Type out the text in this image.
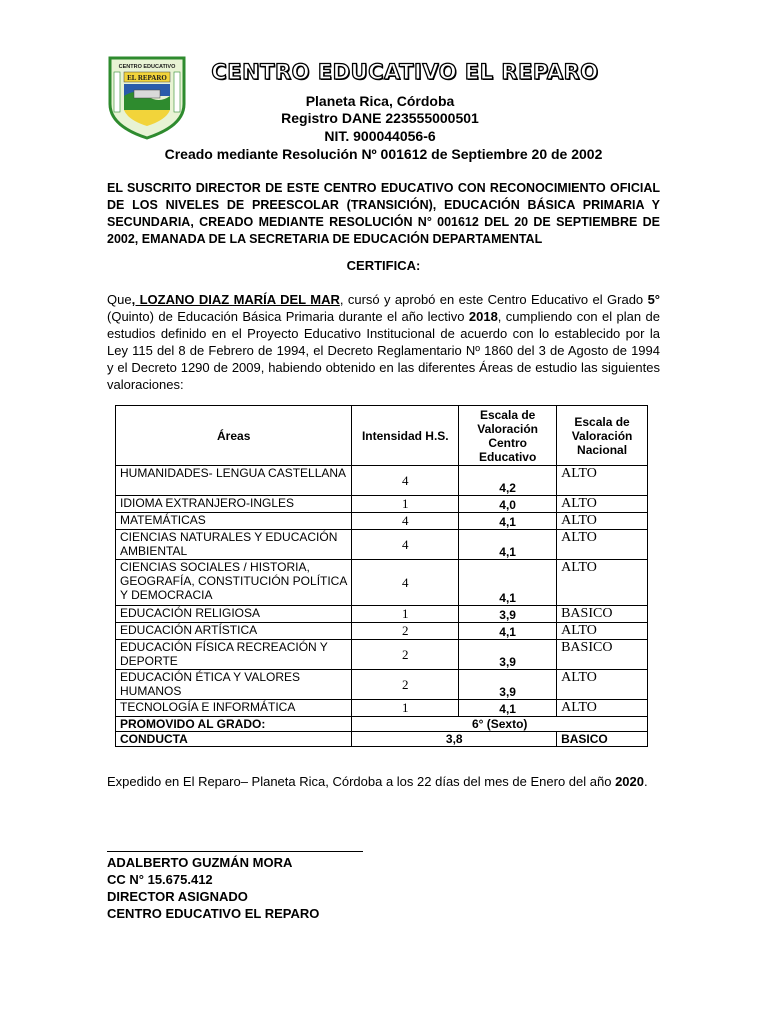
CENTRO EDUCATIVO
EL REPARO	CENTRO EDUCATIVO EL REPARO
Planeta Rica, Córdoba
Registro DANE 223555000501
NIT. 900044056-6
Creado mediante Resolución Nº 001612 de Septiembre 20 de 2002
EL SUSCRITO DIRECTOR DE ESTE CENTRO EDUCATIVO CON RECONOCIMIENTO OFICIAL DE LOS NIVELES DE PREESCOLAR (TRANSICIÓN), EDUCACIÓN BÁSICA PRIMARIA Y SECUNDARIA, CREADO MEDIANTE RESOLUCIÓN N° 001612 DEL 20 DE SEPTIEMBRE DE 2002, EMANADA DE LA SECRETARIA DE EDUCACIÓN DEPARTAMENTAL
CERTIFICA:
Que, LOZANO DIAZ MARÍA DEL MAR, cursó y aprobó en este Centro Educativo el Grado 5° (Quinto) de Educación Básica Primaria durante el año lectivo 2018, cumpliendo con el plan de estudios definido en el Proyecto Educativo Institucional de acuerdo con lo establecido por la Ley 115 del 8 de Febrero de 1994, el Decreto Reglamentario Nº 1860 del 3 de Agosto de 1994 y el Decreto 1290 de 2009, habiendo obtenido en las diferentes Áreas de estudio las siguientes valoraciones:
Áreas	Intensidad H.S.	Escala de Valoración Centro Educativo	Escala de Valoración Nacional
HUMANIDADES- LENGUA CASTELLANA	4	4,2	ALTO
IDIOMA EXTRANJERO-INGLES	1	4,0	ALTO
MATEMÁTICAS	4	4,1	ALTO
CIENCIAS NATURALES Y EDUCACIÓN AMBIENTAL	4	4,1	ALTO
CIENCIAS SOCIALES / HISTORIA, GEOGRAFÍA, CONSTITUCIÓN POLÍTICA Y DEMOCRACIA	4	4,1	ALTO
EDUCACIÓN RELIGIOSA	1	3,9	BASICO
EDUCACIÓN ARTÍSTICA	2	4,1	ALTO
EDUCACIÓN FÍSICA RECREACIÓN Y DEPORTE	2	3,9	BASICO
EDUCACIÓN ÉTICA Y VALORES HUMANOS	2	3,9	ALTO
TECNOLOGÍA E INFORMÁTICA	1	4,1	ALTO
PROMOVIDO AL GRADO:	6° (Sexto)		
CONDUCTA	3,8		BASICO
Expedido en El Reparo– Planeta Rica, Córdoba a los 22 días del mes de Enero del año 2020.
ADALBERTO GUZMÁN MORA
CC N° 15.675.412
DIRECTOR ASIGNADO
CENTRO EDUCATIVO EL REPARO
